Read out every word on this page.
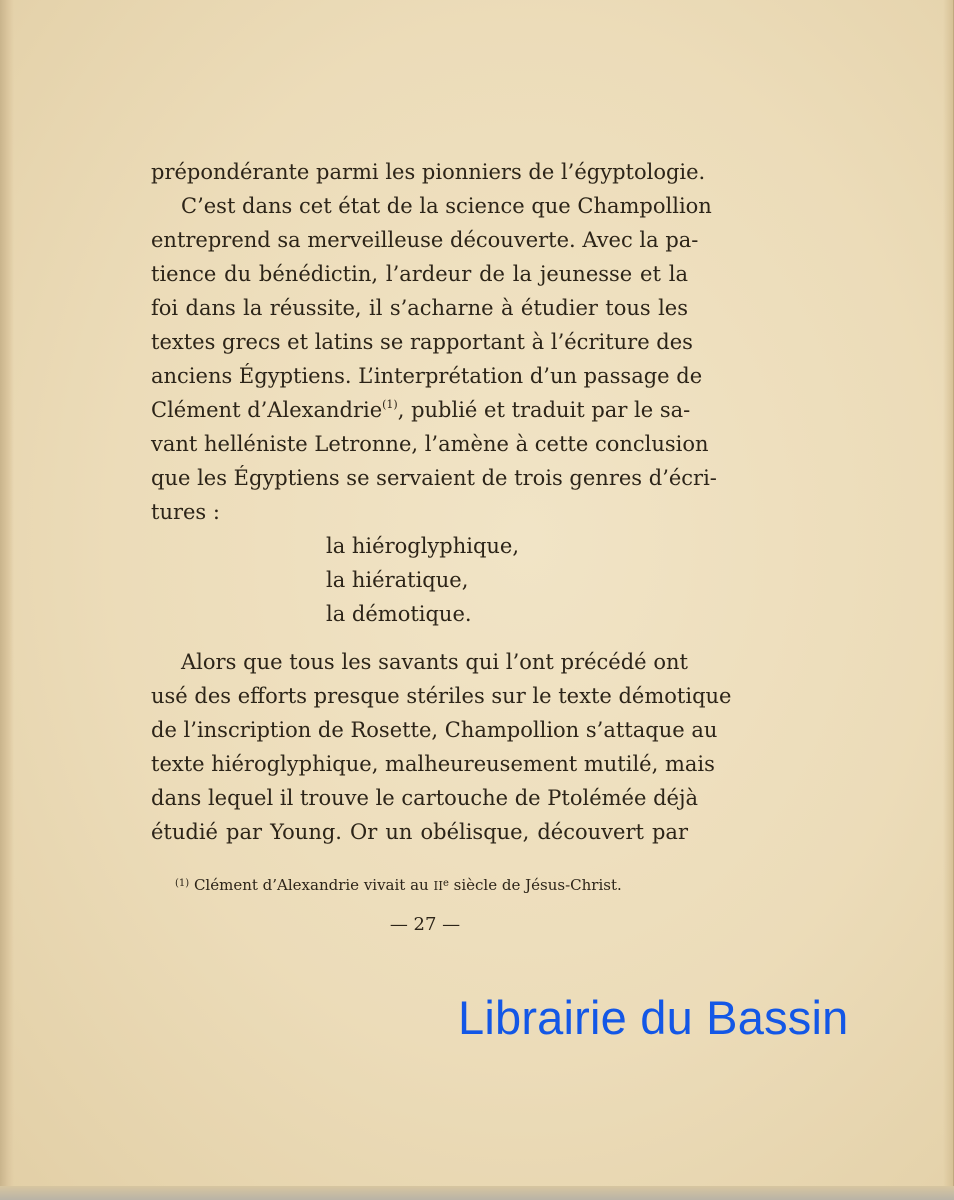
prépondérante parmi les pionniers de l’égyptologie.
C’est dans cet état de la science que Champollion
entreprend sa merveilleuse découverte. Avec la pa-
tience du bénédictin, l’ardeur de la jeunesse et la
foi dans la réussite, il s’acharne à étudier tous les
textes grecs et latins se rapportant à l’écriture des
anciens Égyptiens. L’interprétation d’un passage de
Clément d’Alexandrie$^{(1)}$, publié et traduit par le sa-
vant helléniste Letronne, l’amène à cette conclusion
que les Égyptiens se servaient de trois genres d’écri-
tures :
la hiéroglyphique,
la hiératique,
la démotique.
Alors que tous les savants qui l’ont précédé ont
usé des efforts presque stériles sur le texte démotique
de l’inscription de Rosette, Champollion s’attaque au
texte hiéroglyphique, malheureusement mutilé, mais
dans lequel il trouve le cartouche de Ptolémée déjà
étudié par Young. Or un obélisque, découvert par
$^{(1)}$ Clément d’Alexandrie vivait au IIe siècle de Jésus-Christ.
— 27 —
Librairie du Bassin
